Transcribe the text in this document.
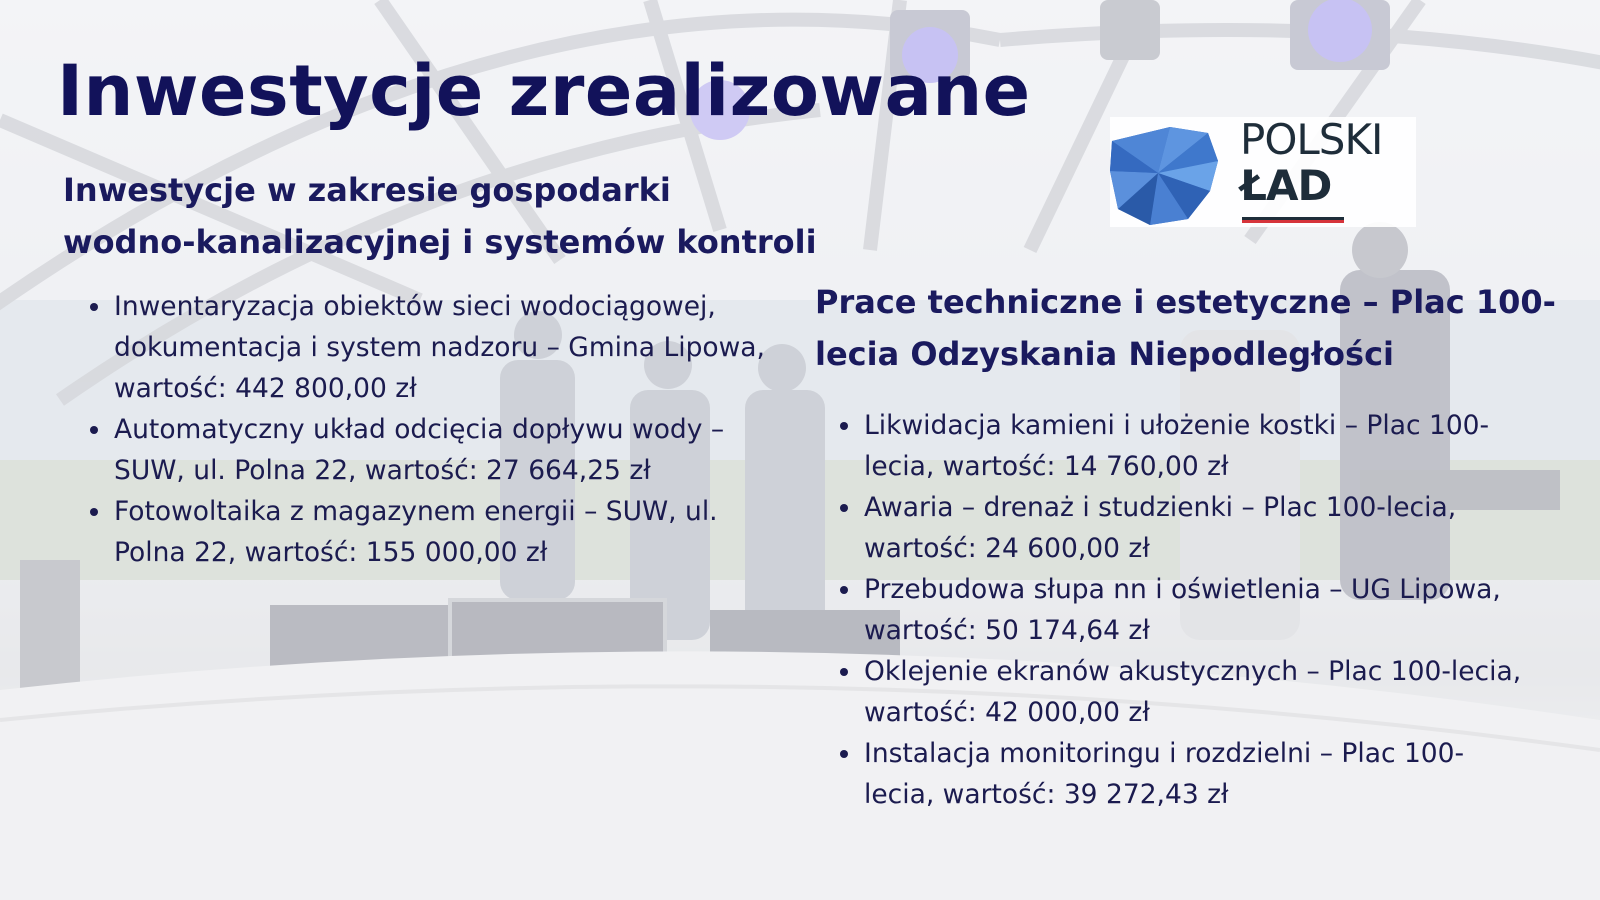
Inwestycje zrealizowane
POLSKI
ŁAD
Inwestycje w zakresie gospodarki
wodno-kanalizacyjnej i systemów kontroli
Inwentaryzacja obiektów sieci wodociągowej,
dokumentacja i system nadzoru – Gmina Lipowa,
wartość: 442 800,00 zł
Automatyczny układ odcięcia dopływu wody –
SUW, ul. Polna 22, wartość: 27 664,25 zł
Fotowoltaika z magazynem energii – SUW, ul.
Polna 22, wartość: 155 000,00 zł
Prace techniczne i estetyczne – Plac 100-
lecia Odzyskania Niepodległości
Likwidacja kamieni i ułożenie kostki – Plac 100-
lecia, wartość: 14 760,00 zł
Awaria – drenaż i studzienki – Plac 100-lecia,
wartość: 24 600,00 zł
Przebudowa słupa nn i oświetlenia – UG Lipowa,
wartość: 50 174,64 zł
Oklejenie ekranów akustycznych – Plac 100-lecia,
wartość: 42 000,00 zł
Instalacja monitoringu i rozdzielni – Plac 100-
lecia, wartość: 39 272,43 zł
